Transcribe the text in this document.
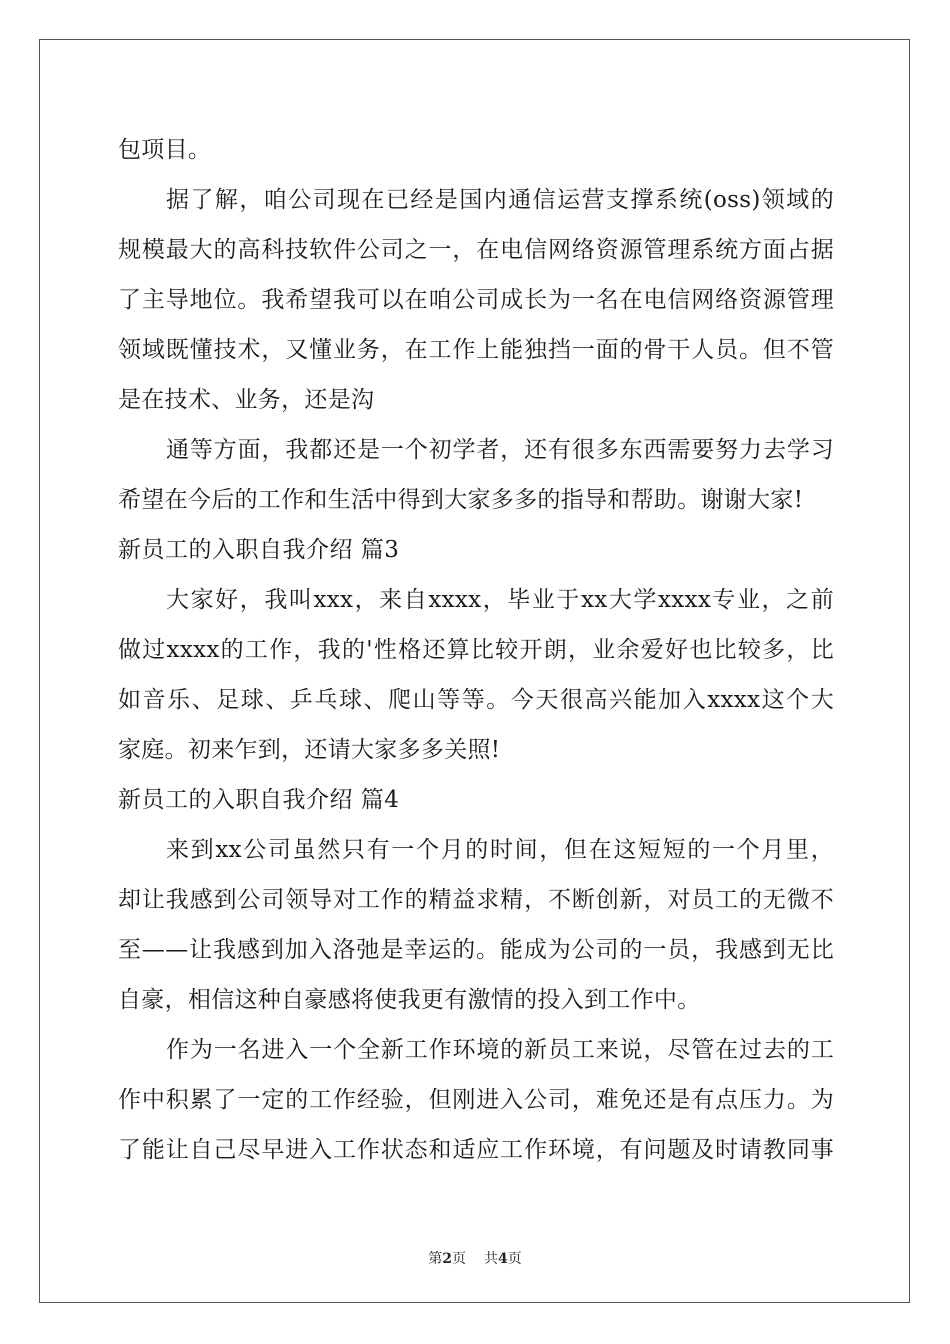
包项目。
据了解，咱公司现在已经是国内通信运营支撑系统(oss)领域的
规模最大的高科技软件公司之一，在电信网络资源管理系统方面占据
了主导地位。我希望我可以在咱公司成长为一名在电信网络资源管理
领域既懂技术，又懂业务，在工作上能独挡一面的骨干人员。但不管
是在技术、业务，还是沟
通等方面，我都还是一个初学者，还有很多东西需要努力去学习
希望在今后的工作和生活中得到大家多多的指导和帮助。谢谢大家!
新员工的入职自我介绍 篇3
大家好，我叫xxx，来自xxxx，毕业于xx大学xxxx专业，之前
做过xxxx的工作，我的'性格还算比较开朗，业余爱好也比较多，比
如音乐、足球、乒乓球、爬山等等。今天很高兴能加入xxxx这个大
家庭。初来乍到，还请大家多多关照!
新员工的入职自我介绍 篇4
来到xx公司虽然只有一个月的时间，但在这短短的一个月里，
却让我感到公司领导对工作的精益求精，不断创新，对员工的无微不
至——让我感到加入洛弛是幸运的。能成为公司的一员，我感到无比
自豪，相信这种自豪感将使我更有激情的投入到工作中。
作为一名进入一个全新工作环境的新员工来说，尽管在过去的工
作中积累了一定的工作经验，但刚进入公司，难免还是有点压力。为
了能让自己尽早进入工作状态和适应工作环境，有问题及时请教同事
第2页 共4页
